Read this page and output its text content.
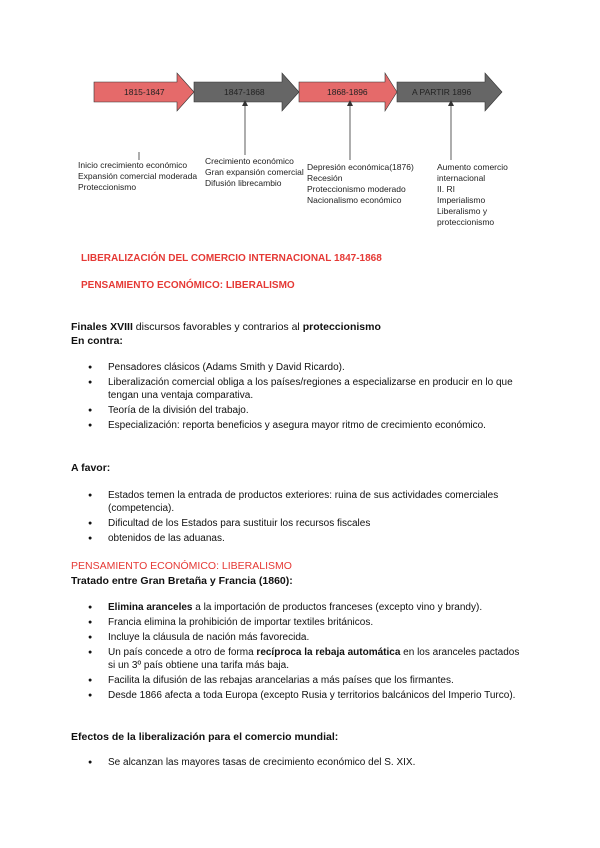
1815-1847	1847-1868	1868-1896	A PARTIR 1896
Inicio crecimiento económico
Expansión comercial moderada
Proteccionismo
Crecimiento económico
Gran expansión comercial
Difusión librecambio
Depresión económica(1876)
Recesión
Proteccionismo moderado
Nacionalismo económico
Aumento comercio
internacional
II. RI
Imperialismo
Liberalismo y
proteccionismo
LIBERALIZACIÓN DEL COMERCIO INTERNACIONAL 1847-1868
PENSAMIENTO ECONÓMICO: LIBERALISMO
Finales XVIII discursos favorables y contrarios al proteccionismo
En contra:
● Pensadores clásicos (Adams Smith y David Ricardo).
● Liberalización comercial obliga a los países/regiones a especializarse en producir en lo que tengan una ventaja comparativa.
● Teoría de la división del trabajo.
● Especialización: reporta beneficios y asegura mayor ritmo de crecimiento económico.
A favor:
● Estados temen la entrada de productos exteriores: ruina de sus actividades comerciales (competencia).
● Dificultad de los Estados para sustituir los recursos fiscales
● obtenidos de las aduanas.
PENSAMIENTO ECONÓMICO: LIBERALISMO
Tratado entre Gran Bretaña y Francia (1860):
● Elimina aranceles a la importación de productos franceses (excepto vino y brandy).
● Francia elimina la prohibición de importar textiles británicos.
● Incluye la cláusula de nación más favorecida.
● Un país concede a otro de forma recíproca la rebaja automática en los aranceles pactados si un 3º país obtiene una tarifa más baja.
● Facilita la difusión de las rebajas arancelarias a más países que los firmantes.
● Desde 1866 afecta a toda Europa (excepto Rusia y territorios balcánicos del Imperio Turco).
Efectos de la liberalización para el comercio mundial:
● Se alcanzan las mayores tasas de crecimiento económico del S. XIX.
